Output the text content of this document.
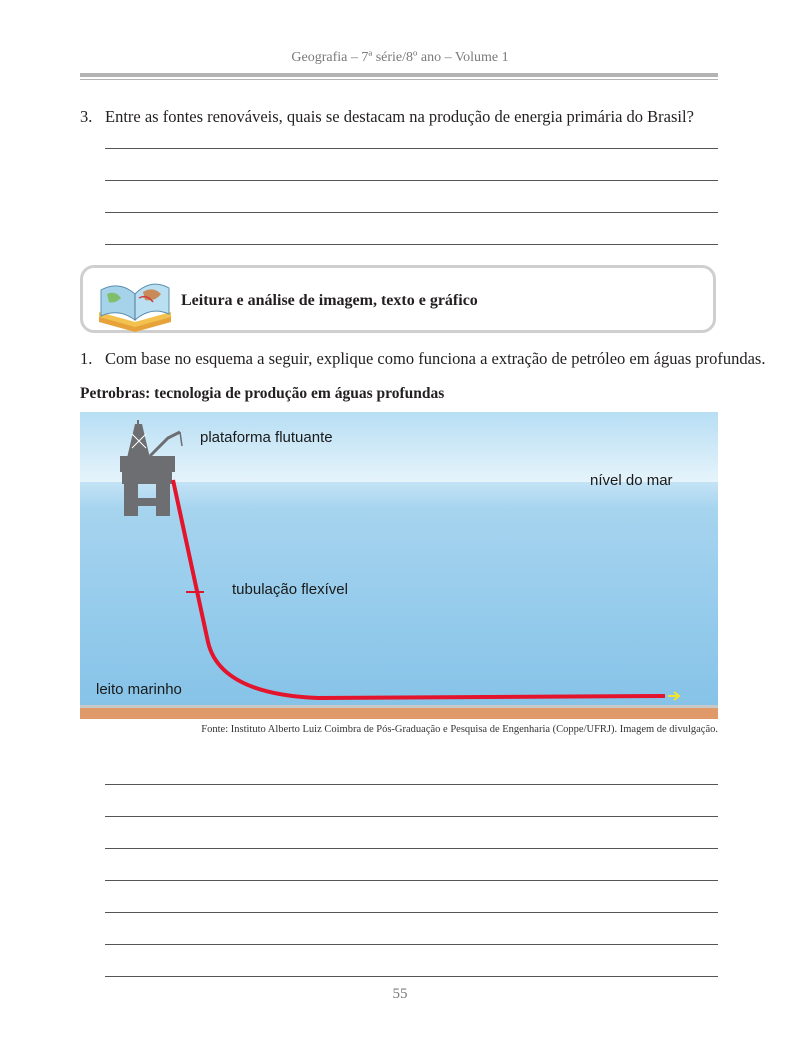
Geografia – 7ª série/8º ano – Volume 1
3. Entre as fontes renováveis, quais se destacam na produção de energia primária do Brasil?
Leitura e análise de imagem, texto e gráfico
1. Com base no esquema a seguir, explique como funciona a extração de petróleo em águas profundas.
Petrobras: tecnologia de produção em águas profundas
plataforma flutuante
nível do mar
tubulação flexível
leito marinho
Fonte: Instituto Alberto Luiz Coimbra de Pós-Graduação e Pesquisa de Engenharia (Coppe/UFRJ). Imagem de divulgação.
55
